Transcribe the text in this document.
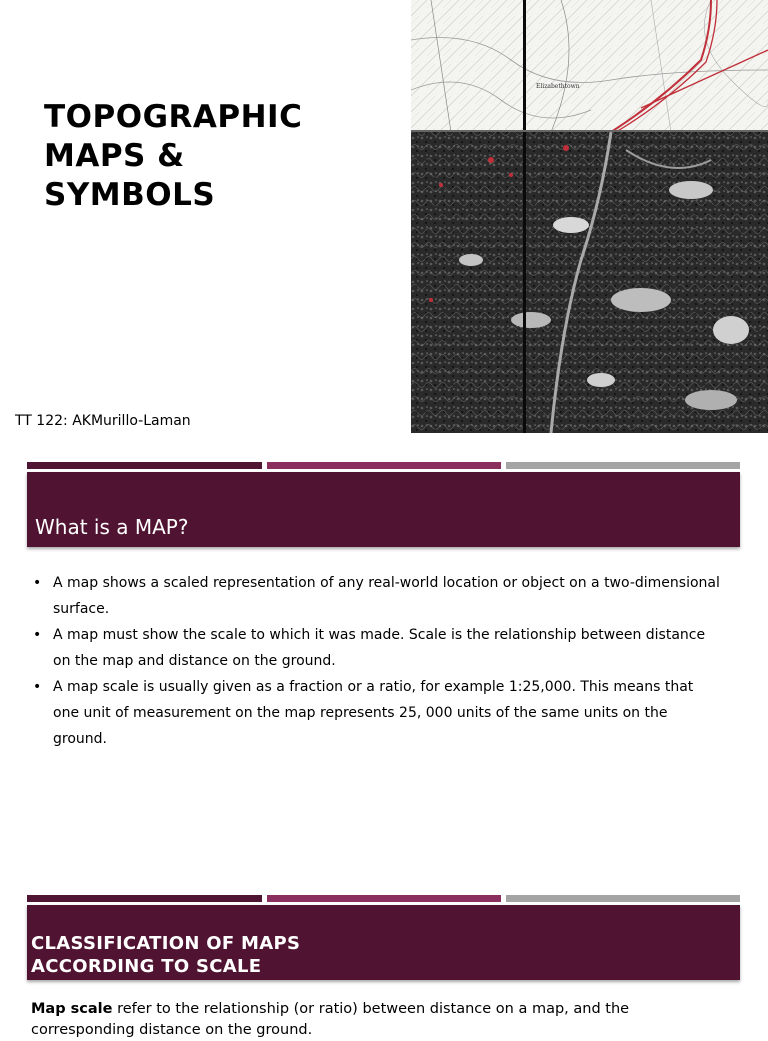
TOPOGRAPHIC
MAPS &
SYMBOLS
TT 122: AKMurillo-Laman
Elizabethtown
What is a MAP?
• A map shows a scaled representation of any real-world location or object on a two-dimensional surface.
• A map must show the scale to which it was made. Scale is the relationship between distance on the map and distance on the ground.
• A map scale is usually given as a fraction or a ratio, for example 1:25,000. This means that one unit of measurement on the map represents 25, 000 units of the same units on the ground.
CLASSIFICATION OF MAPS
ACCORDING TO SCALE

Map scale refer to the relationship (or ratio) between distance on a map, and the corresponding distance on the ground.
